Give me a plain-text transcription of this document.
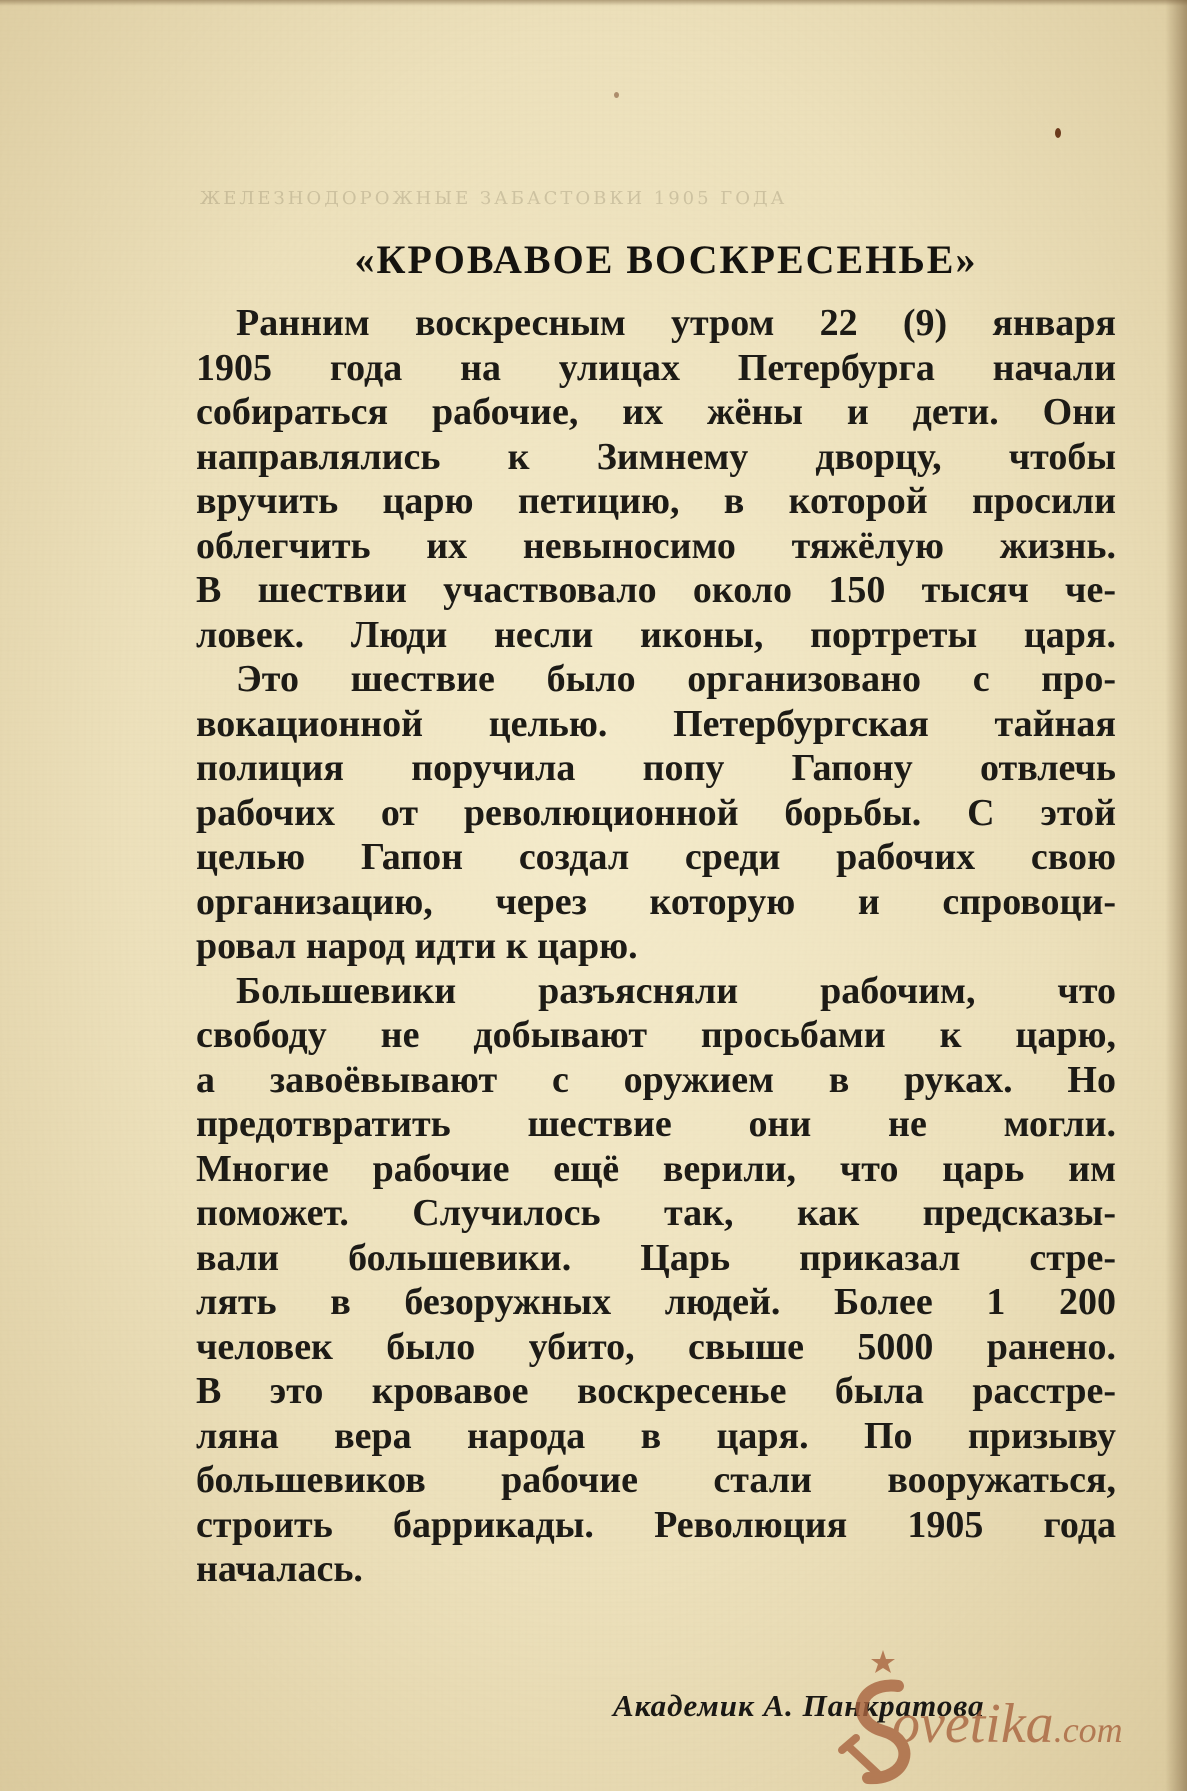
ЖЕЛЕЗНОДОРОЖНЫЕ ЗАБАСТОВКИ 1905 ГОДА
«КРОВАВОЕ ВОСКРЕСЕНЬЕ»

Ранним воскресным утром 22 (9) января
1905 года на улицах Петербурга начали
собираться рабочие, их жёны и дети. Они
направлялись к Зимнему дворцу, чтобы
вручить царю петицию, в которой просили
облегчить их невыносимо тяжёлую жизнь.
В шествии участвовало около 150 тысяч че-
ловек. Люди несли иконы, портреты царя.

Это шествие было организовано с про-
вокационной целью. Петербургская тайная
полиция поручила попу Гапону отвлечь
рабочих от революционной борьбы. С этой
целью Гапон создал среди рабочих свою
организацию, через которую и спровоци-
ровал народ идти к царю.

Большевики разъясняли рабочим, что
свободу не добывают просьбами к царю,
а завоёвывают с оружием в руках. Но
предотвратить шествие они не могли.
Многие рабочие ещё верили, что царь им
поможет. Случилось так, как предсказы-
вали большевики. Царь приказал стре-
лять в безоружных людей. Более 1 200
человек было убито, свыше 5000 ранено.
В это кровавое воскресенье была расстре-
ляна вера народа в царя. По призыву
большевиков рабочие стали вооружаться,
строить баррикады. Революция 1905 года
началась.

Академик А. Панкратова
ovetika.com
